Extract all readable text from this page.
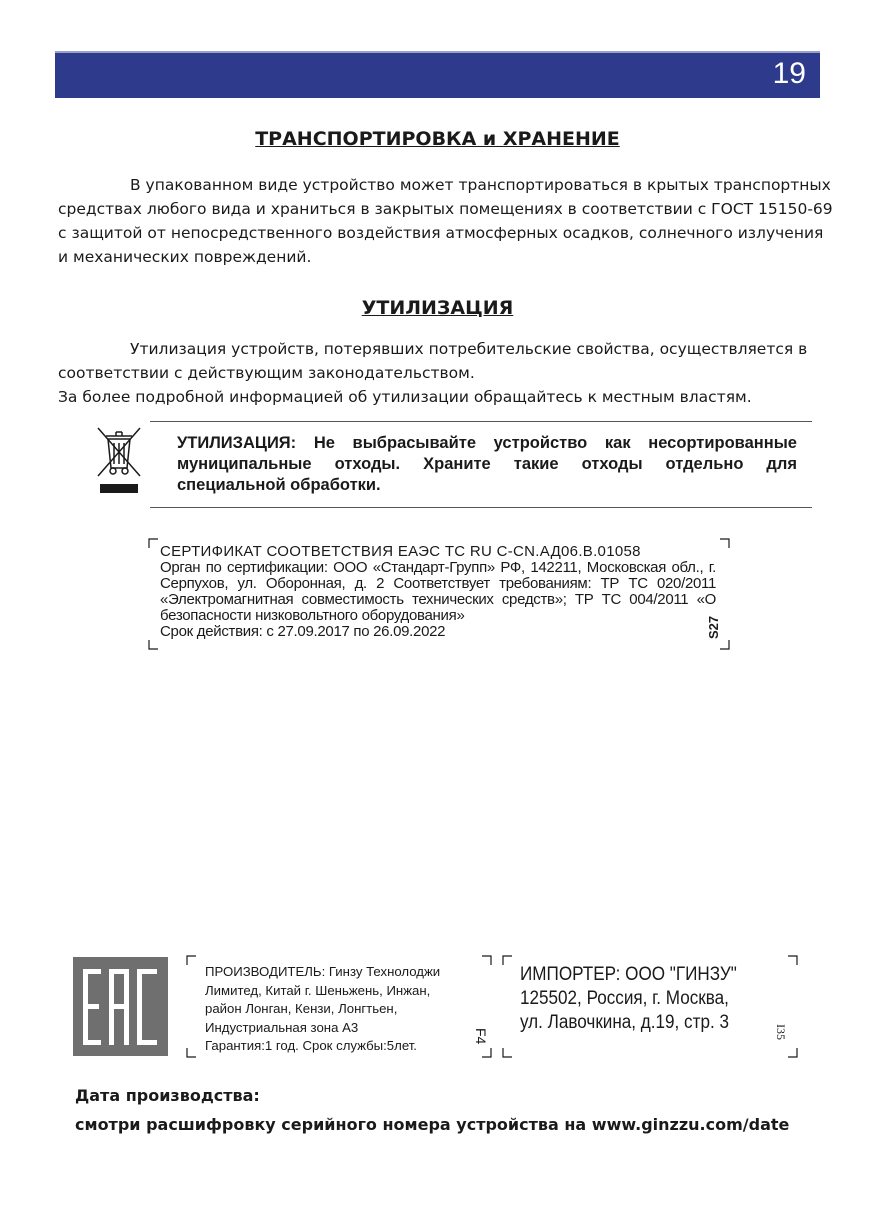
19
ТРАНСПОРТИРОВКА и ХРАНЕНИЕ
В упакованном виде устройство может транспортироваться в крытых транспортных средствах любого вида и храниться в закрытых помещениях в соответствии с ГОСТ 15150-69 с защитой от непосредственного воздействия атмосферных осадков, солнечного излучения и механических повреждений.
УТИЛИЗАЦИЯ
Утилизация устройств, потерявших потребительские свойства, осуществляется в соответствии с действующим законодательством.
За более подробной информацией об утилизации обращайтесь к местным властям.
УТИЛИЗАЦИЯ: Не выбрасывайте устройство как несортированные муниципальные отходы. Храните такие отходы отдельно для специальной обработки.
СЕРТИФИКАТ СООТВЕТСТВИЯ ЕАЭС ТС RU С-CN.АД06.В.01058
Орган по сертификации: ООО «Стандарт-Групп» РФ, 142211, Московская обл., г. Серпухов, ул. Оборонная, д. 2 Соответствует требованиям: ТР ТС 020/2011 «Электромагнитная совместимость технических средств»; ТР ТС 004/2011 «О безопасности низковольтного оборудования»
Срок действия: с 27.09.2017 по 26.09.2022	S27
ПРОИЗВОДИТЕЛЬ: Гинзу Технолоджи
Лимитед, Китай г. Шеньжень, Инжан,
район Лонган, Кензи, Лонгтьен,
Индустриальная зона А3
Гарантия:1 год. Срок службы:5лет.
F4
ИМПОРТЕР: ООО "ГИНЗУ"
125502, Россия, г. Москва,
ул. Лавочкина, д.19, стр. 3	I35
Дата производства:
смотри расшифровку серийного номера устройства на www.ginzzu.com/date
